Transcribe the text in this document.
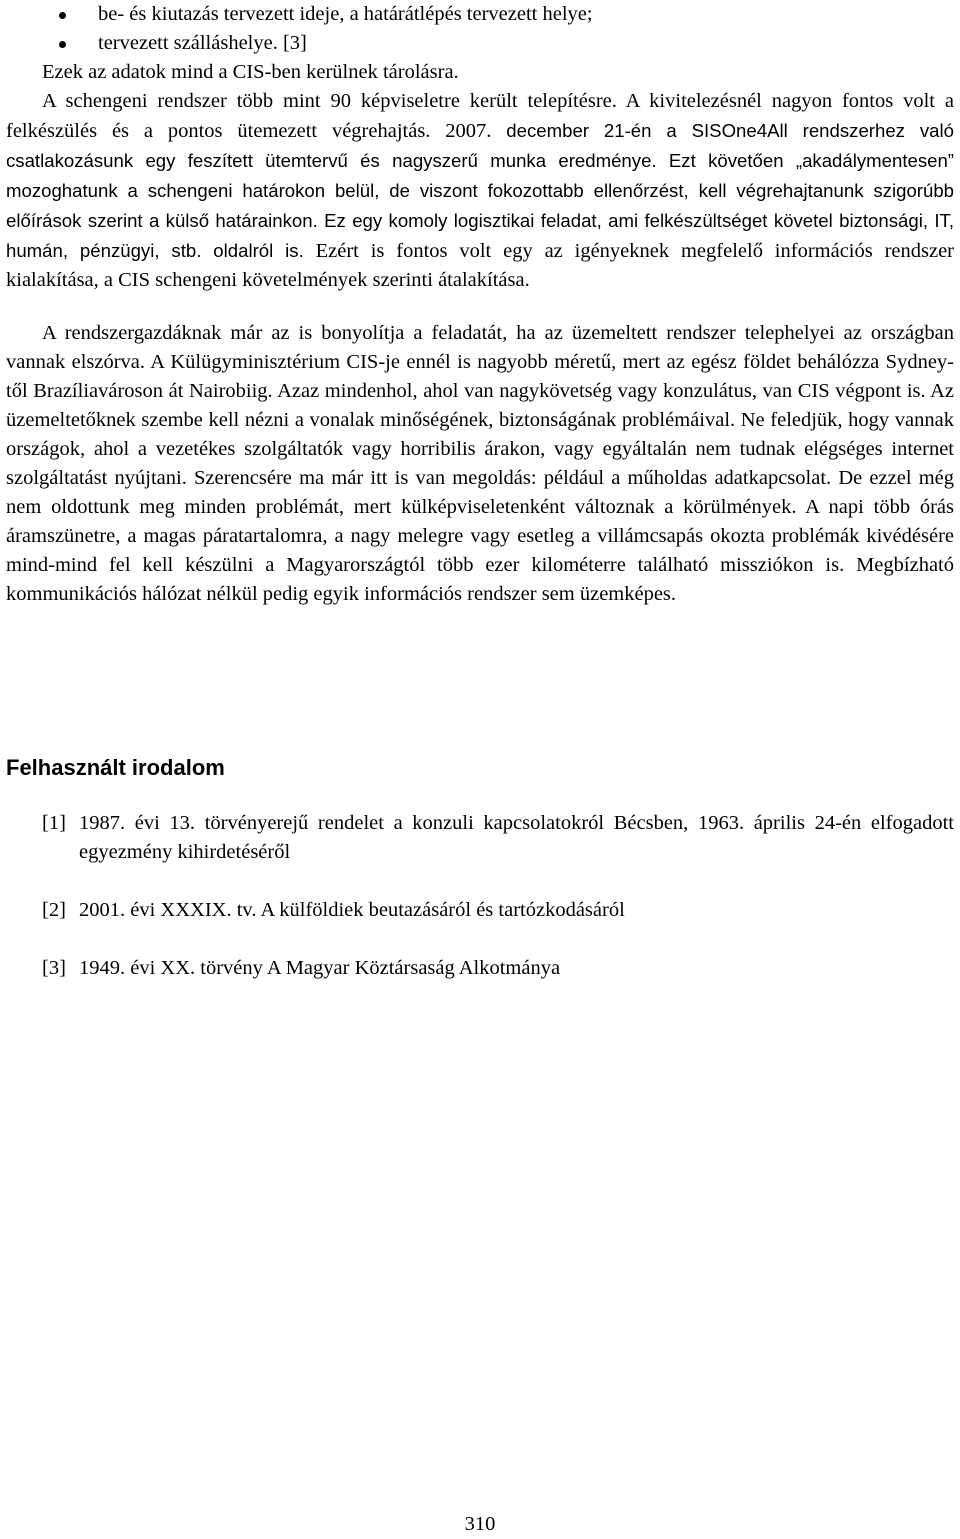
be- és kiutazás tervezett ideje, a határátlépés tervezett helye;
tervezett szálláshelye. [3]

Ezek az adatok mind a CIS-ben kerülnek tárolásra.

A schengeni rendszer több mint 90 képviseletre került telepítésre. A kivitelezésnél nagyon fontos volt a felkészülés és a pontos ütemezett végrehajtás. 2007. december 21-én a SISOne4All rendszerhez való csatlakozásunk egy feszített ütemtervű és nagyszerű munka eredménye. Ezt követően „akadálymentesen” mozoghatunk a schengeni határokon belül, de viszont fokozottabb ellenőrzést, kell végrehajtanunk szigorúbb előírások szerint a külső határainkon. Ez egy komoly logisztikai feladat, ami felkészültséget követel biztonsági, IT, humán, pénzügyi, stb. oldalról is. Ezért is fontos volt egy az igényeknek megfelelő információs rendszer kialakítása, a CIS schengeni követelmények szerinti átalakítása.

A rendszergazdáknak már az is bonyolítja a feladatát, ha az üzemeltett rendszer telephelyei az országban vannak elszórva. A Külügyminisztérium CIS-je ennél is nagyobb méretű, mert az egész földet behálózza Sydney-től Brazíliavároson át Nairobiig. Azaz mindenhol, ahol van nagykövetség vagy konzulátus, van CIS végpont is. Az üzemeltetőknek szembe kell nézni a vonalak minőségének, biztonságának problémáival. Ne feledjük, hogy vannak országok, ahol a vezetékes szolgáltatók vagy horribilis árakon, vagy egyáltalán nem tudnak elégséges internet szolgáltatást nyújtani. Szerencsére ma már itt is van megoldás: például a műholdas adatkapcsolat. De ezzel még nem oldottunk meg minden problémát, mert külképviseletenként változnak a körülmények. A napi több órás áramszünetre, a magas páratartalomra, a nagy melegre vagy esetleg a villámcsapás okozta problémák kivédésére mind-mind fel kell készülni a Magyarországtól több ezer kilométerre található missziókon is. Megbízható kommunikációs hálózat nélkül pedig egyik információs rendszer sem üzemképes.

Felhasznált irodalom
[1] 1987. évi 13. törvényerejű rendelet a konzuli kapcsolatokról Bécsben, 1963. április 24-én elfogadott egyezmény kihirdetéséről
[2] 2001. évi XXXIX. tv. A külföldiek beutazásáról és tartózkodásáról
[3] 1949. évi XX. törvény A Magyar Köztársaság Alkotmánya
310
